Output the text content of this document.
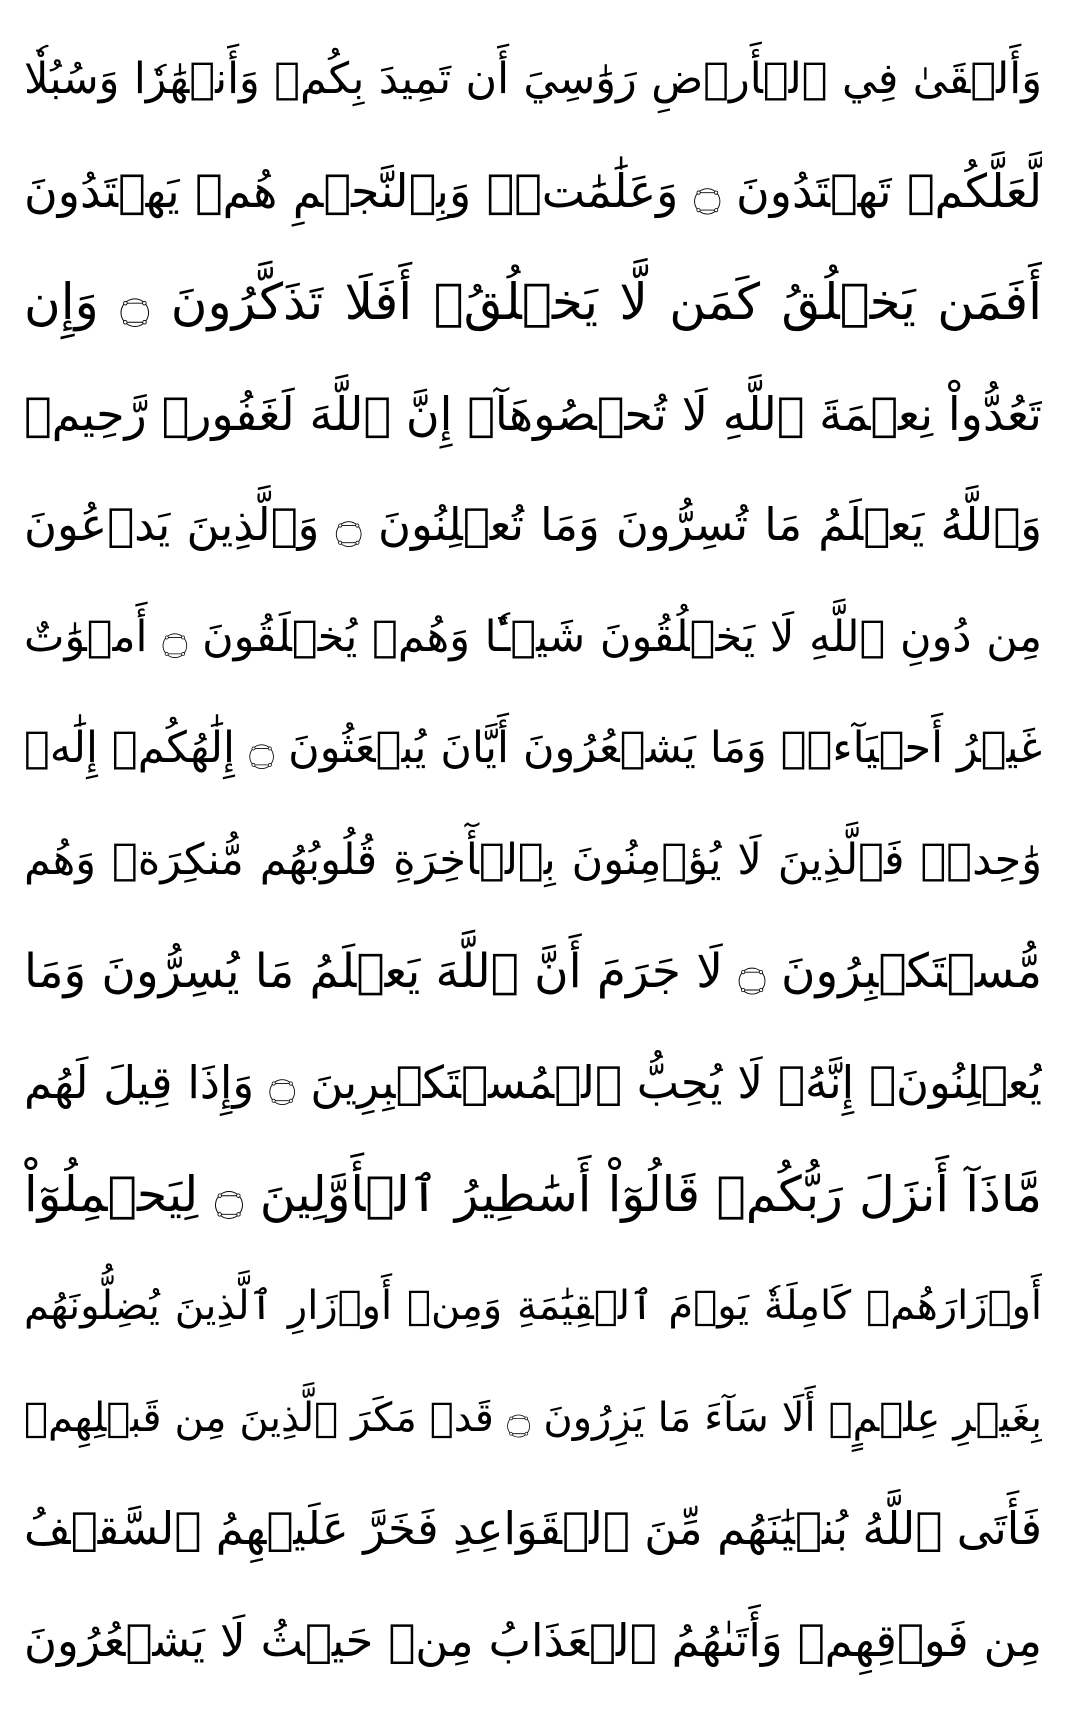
وَأَلۡقَىٰ فِي ٱلۡأَرۡضِ رَوَٰسِيَ أَن تَمِيدَ بِكُمۡ وَأَنۡهَٰرٗا وَسُبُلٗا
لَّعَلَّكُمۡ تَهۡتَدُونَ ۝ وَعَلَٰمَٰتٖۚ وَبِٱلنَّجۡمِ هُمۡ يَهۡتَدُونَ
أَفَمَن يَخۡلُقُ كَمَن لَّا يَخۡلُقُۚ أَفَلَا تَذَكَّرُونَ ۝ وَإِن
تَعُدُّواْ نِعۡمَةَ ٱللَّهِ لَا تُحۡصُوهَآۗ إِنَّ ٱللَّهَ لَغَفُورٞ رَّحِيمٞ
وَٱللَّهُ يَعۡلَمُ مَا تُسِرُّونَ وَمَا تُعۡلِنُونَ ۝ وَٱلَّذِينَ يَدۡعُونَ
مِن دُونِ ٱللَّهِ لَا يَخۡلُقُونَ شَيۡـٔٗا وَهُمۡ يُخۡلَقُونَ ۝ أَمۡوَٰتٌ
غَيۡرُ أَحۡيَآءٖۖ وَمَا يَشۡعُرُونَ أَيَّانَ يُبۡعَثُونَ ۝ إِلَٰهُكُمۡ إِلَٰهٞ
وَٰحِدٞۚ فَٱلَّذِينَ لَا يُؤۡمِنُونَ بِٱلۡأٓخِرَةِ قُلُوبُهُم مُّنكِرَةٞ وَهُم
مُّسۡتَكۡبِرُونَ ۝ لَا جَرَمَ أَنَّ ٱللَّهَ يَعۡلَمُ مَا يُسِرُّونَ وَمَا
يُعۡلِنُونَۚ إِنَّهُۥ لَا يُحِبُّ ٱلۡمُسۡتَكۡبِرِينَ ۝ وَإِذَا قِيلَ لَهُم
مَّاذَآ أَنزَلَ رَبُّكُمۡ قَالُوٓاْ أَسَٰطِيرُ ٱلۡأَوَّلِينَ ۝ لِيَحۡمِلُوٓاْ
أَوۡزَارَهُمۡ كَامِلَةٗ يَوۡمَ ٱلۡقِيَٰمَةِ وَمِنۡ أَوۡزَارِ ٱلَّذِينَ يُضِلُّونَهُم
بِغَيۡرِ عِلۡمٍۗ أَلَا سَآءَ مَا يَزِرُونَ ۝ قَدۡ مَكَرَ ٱلَّذِينَ مِن قَبۡلِهِمۡ
فَأَتَى ٱللَّهُ بُنۡيَٰنَهُم مِّنَ ٱلۡقَوَاعِدِ فَخَرَّ عَلَيۡهِمُ ٱلسَّقۡفُ
مِن فَوۡقِهِمۡ وَأَتَىٰهُمُ ٱلۡعَذَابُ مِنۡ حَيۡثُ لَا يَشۡعُرُونَ
